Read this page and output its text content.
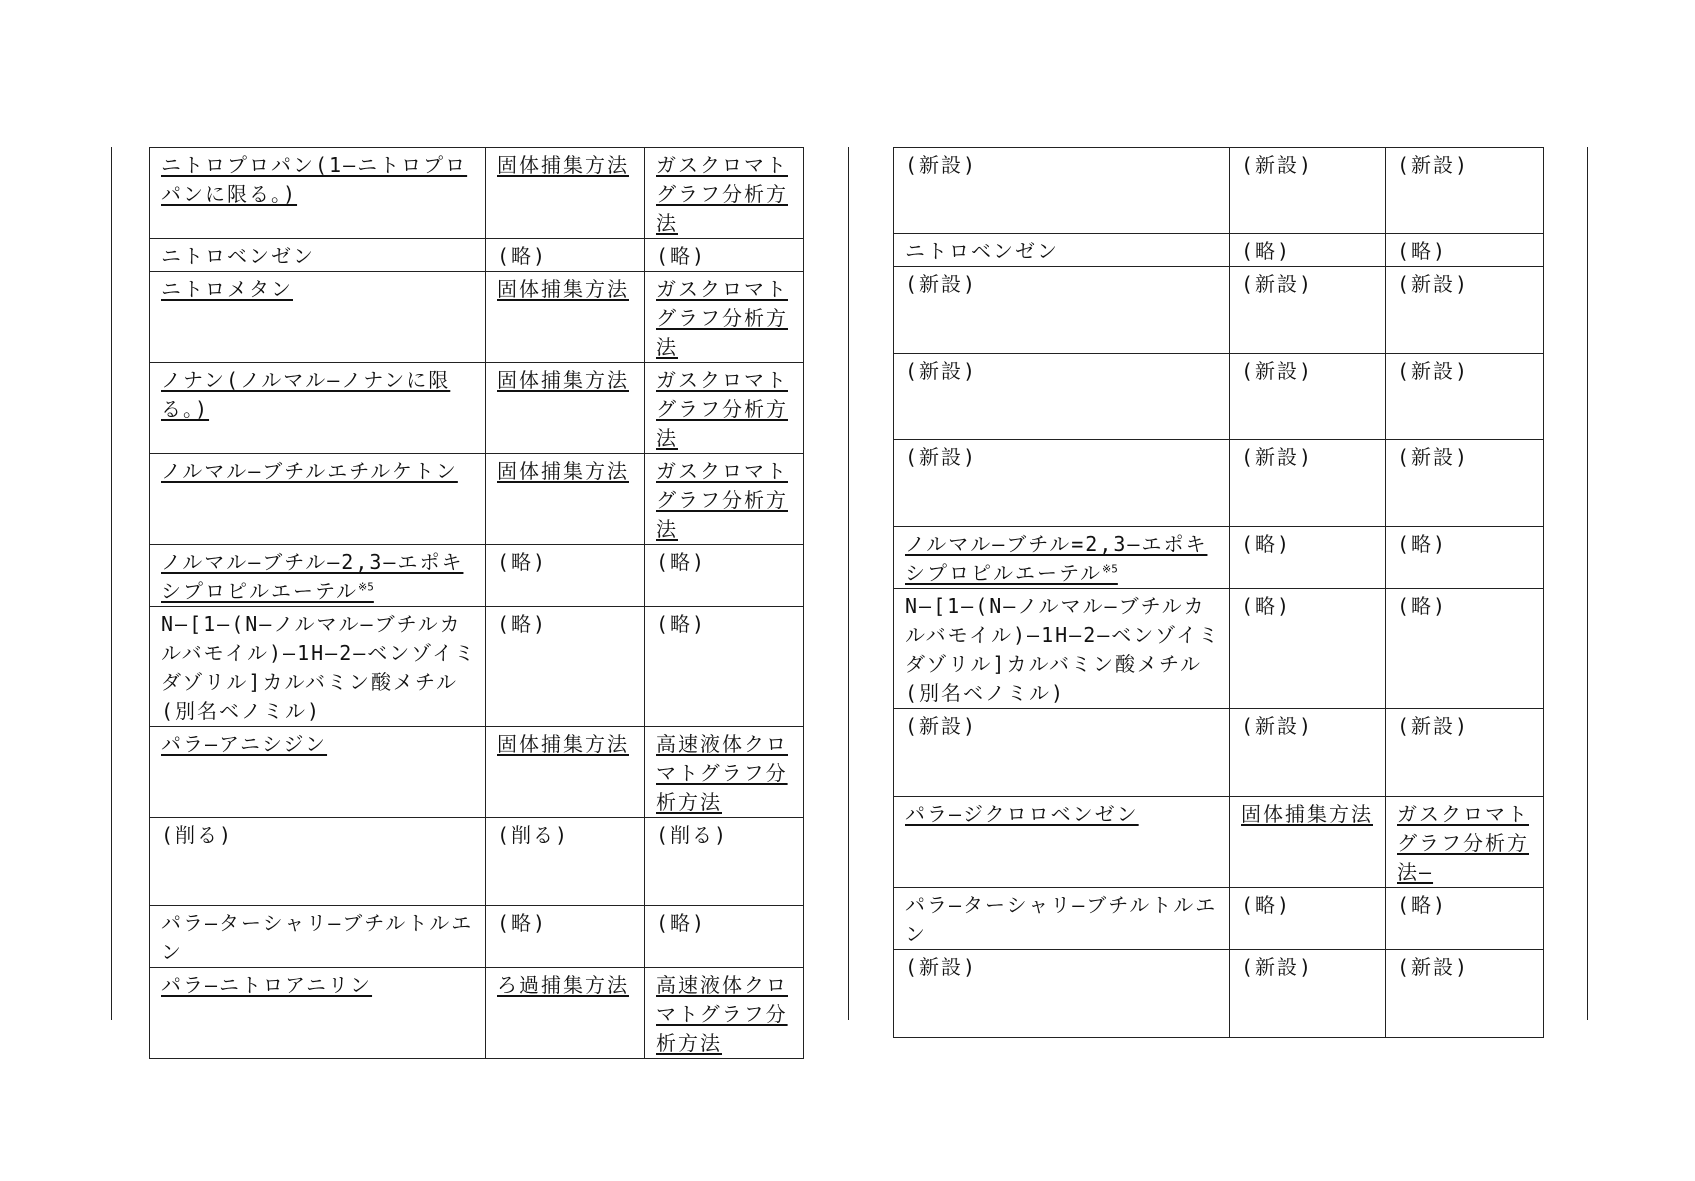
ニトロプロパン(1―ニトロプロパンに限る。)	固体捕集方法	ガスクロマトグラフ分析方法
ニトロベンゼン	(略)	(略)
ニトロメタン	固体捕集方法	ガスクロマトグラフ分析方法
ノナン(ノルマル―ノナンに限る。)	固体捕集方法	ガスクロマトグラフ分析方法
ノルマル―ブチルエチルケトン	固体捕集方法	ガスクロマトグラフ分析方法
ノルマル―ブチル―2,3―エポキシプロピルエーテル$^{※5}$	(略)	(略)
N―[1―(N―ノルマル―ブチルカルバモイル)―1H―2―ベンゾイミダゾリル]カルバミン酸メチル(別名ベノミル)	(略)	(略)
パラ―アニシジン	固体捕集方法	高速液体クロマトグラフ分析方法
(削る)	(削る)	(削る)
パラ―ターシャリ―ブチルトルエン	(略)	(略)
パラ―ニトロアニリン	ろ過捕集方法	高速液体クロマトグラフ分析方法
(新設)	(新設)	(新設)
ニトロベンゼン	(略)	(略)
(新設)	(新設)	(新設)
(新設)	(新設)	(新設)
(新設)	(新設)	(新設)
ノルマル―ブチル=2,3―エポキシプロピルエーテル$^{※5}$	(略)	(略)
N―[1―(N―ノルマル―ブチルカルバモイル)―1H―2―ベンゾイミダゾリル]カルバミン酸メチル(別名ベノミル)	(略)	(略)
(新設)	(新設)	(新設)
パラ―ジクロロベンゼン	固体捕集方法	ガスクロマトグラフ分析方法―
パラ―ターシャリ―ブチルトルエン	(略)	(略)
(新設)	(新設)	(新設)
